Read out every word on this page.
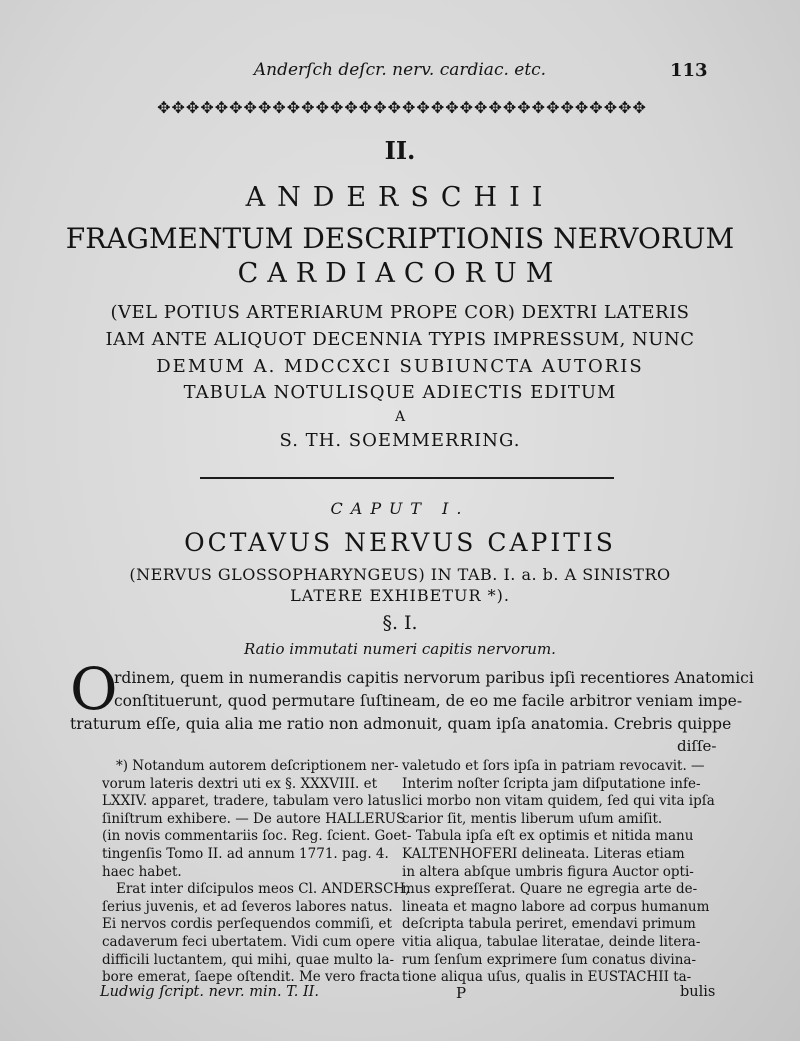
Anderſch deſcr. nerv. cardiac. etc.	113
✥✥✥✥✥✥✥✥✥✥✥✥✥✥✥✥✥✥✥✥✥✥✥✥✥✥✥✥✥✥✥✥✥✥
II.
ANDERSCHII
FRAGMENTUM DESCRIPTIONIS NERVORUM
CARDIACORUM
(VEL POTIUS ARTERIARUM PROPE COR) DEXTRI LATERIS
IAM ANTE ALIQUOT DECENNIA TYPIS IMPRESSUM, NUNC
DEMUM A. MDCCXCI SUBIUNCTA AUTORIS
TABULA NOTULISQUE ADIECTIS EDITUM
A
S. TH. SOEMMERRING.
CAPUT I.
OCTAVUS NERVUS CAPITIS
(NERVUS GLOSSOPHARYNGEUS) IN TAB. I. a. b. A SINISTRO
LATERE EXHIBETUR *).
§. I.
Ratio immutati numeri capitis nervorum.
O
rdinem, quem in numerandis capitis nervorum paribus ipſi recentiores Anatomici
conſtituerunt, quod permutare ſuſtineam, de eo me facile arbitror veniam impe-
traturum eſſe, quia alia me ratio non admonuit, quam ipſa anatomia. Crebris quippe
diſſe-
*) Notandum autorem deſcriptionem ner-
vorum lateris dextri uti ex §. XXXVIII. et
LXXIV. apparet, tradere, tabulam vero latus
ſiniſtrum exhibere. — De autore HALLERUS
(in novis commentariis ſoc. Reg. ſcient. Goet-
tingenſis Tomo II. ad annum 1771. pag. 4.
haec habet.
Erat inter diſcipulos meos Cl. ANDERSCH,
ſerius juvenis, et ad ſeveros labores natus.
Ei nervos cordis perſequendos commiſi, et
cadaverum feci ubertatem. Vidi cum opere
difficili luctantem, qui mihi, quae multo la-
bore emerat, ſaepe oſtendit. Me vero fracta
valetudo et ſors ipſa in patriam revocavit. —
Interim noſter ſcripta jam diſputatione infe-
lici morbo non vitam quidem, ſed qui vita ipſa
carior ſit, mentis liberum uſum amiſit.
Tabula ipſa eſt ex optimis et nitida manu
KALTENHOFERI delineata. Literas etiam
in altera abſque umbris figura Auctor opti-
mus expreſſerat. Quare ne egregia arte de-
lineata et magno labore ad corpus humanum
deſcripta tabula periret, emendavi primum
vitia aliqua, tabulae literatae, deinde litera-
rum ſenſum exprimere ſum conatus divina-
tione aliqua uſus, qualis in EUSTACHII ta-
Ludwig ſcript. nevr. min. T. II.	P	bulis
